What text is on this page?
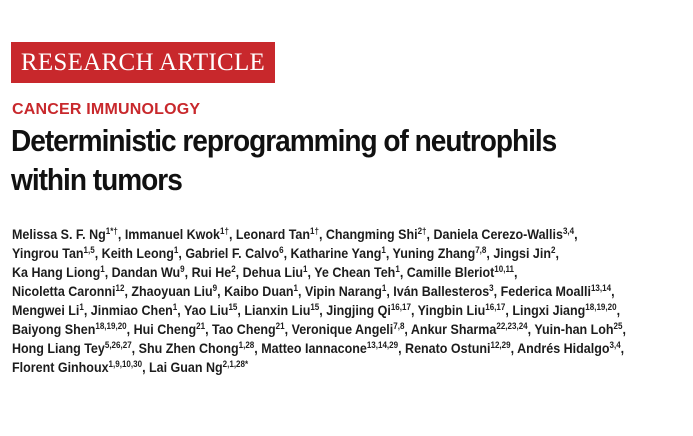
RESEARCH ARTICLE
CANCER IMMUNOLOGY
Deterministic reprogramming of neutrophils
within tumors
Melissa S. F. $Ng^{1*\dagger}$, Immanuel Kwok$^{1\dagger}$, Leonard Tan$^{1\dagger}$, Changming Shi$^{2\dagger}$, Daniela Cerezo-Wallis$^{3,4}$,
Yingrou Tan$^{1,5}$, Keith Leong$^1$, Gabriel F. Calvo$^6$, Katharine Yang$^1$, Yuning Zhang$^{7,8}$, Jingsi Jin$^2$,
Ka Hang Liong$^1$, Dandan Wu$^9$, Rui He$^2$, Dehua Liu$^1$, Ye Chean Teh$^1$, Camille Bleriot$^{10,11}$,
Nicoletta Caronni$^{12}$, Zhaoyuan Liu$^9$, Kaibo Duan$^1$, Vipin Narang$^1$, Iván Ballesteros$^3$, Federica Moalli$^{13,14}$,
Mengwei Li$^1$, Jinmiao Chen$^1$, Yao Liu$^{15}$, Lianxin Liu$^{15}$, Jingjing Qi$^{16,17}$, Yingbin Liu$^{16,17}$, Lingxi Jiang$^{18,19,20}$,
Baiyong Shen$^{18,19,20}$, Hui Cheng$^{21}$, Tao Cheng$^{21}$, Veronique Angeli$^{7,8}$, Ankur Sharma$^{22,23,24}$, Yuin-han Loh$^{25}$,
Hong Liang Tey$^{5,26,27}$, Shu Zhen Chong$^{1,28}$, Matteo Iannacone$^{13,14,29}$, Renato Ostuni$^{12,29}$, Andrés Hidalgo$^{3,4}$,
Florent Ginhoux$^{1,9,10,30}$, Lai Guan $Ng^{2,1,28*}$
